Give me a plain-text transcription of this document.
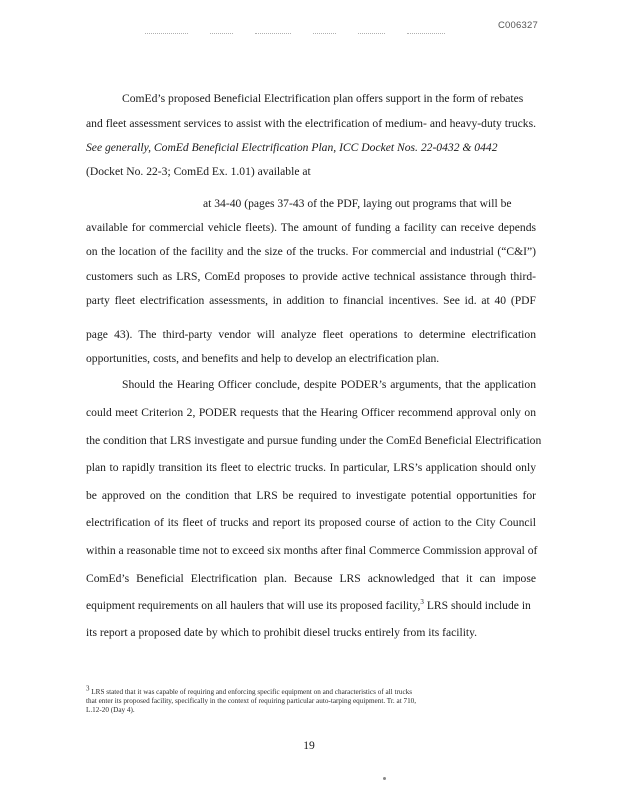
C006327
ComEd’s proposed Beneficial Electrification plan offers support in the form of rebates
and fleet assessment services to assist with the electrification of medium- and heavy-duty trucks.
See generally, ComEd Beneficial Electrification Plan, ICC Docket Nos. 22-0432 & 0442
(Docket No. 22-3; ComEd Ex. 1.01) available at
at 34-40 (pages 37-43 of the PDF, laying out programs that will be
available for commercial vehicle fleets). The amount of funding a facility can receive depends
on the location of the facility and the size of the trucks. For commercial and industrial (“C&I”)
customers such as LRS, ComEd proposes to provide active technical assistance through third-
party fleet electrification assessments, in addition to financial incentives. See id. at 40 (PDF
page 43). The third-party vendor will analyze fleet operations to determine electrification
opportunities, costs, and benefits and help to develop an electrification plan.
Should the Hearing Officer conclude, despite PODER’s arguments, that the application
could meet Criterion 2, PODER requests that the Hearing Officer recommend approval only on
the condition that LRS investigate and pursue funding under the ComEd Beneficial Electrification
plan to rapidly transition its fleet to electric trucks. In particular, LRS’s application should only
be approved on the condition that LRS be required to investigate potential opportunities for
electrification of its fleet of trucks and report its proposed course of action to the City Council
within a reasonable time not to exceed six months after final Commerce Commission approval of
ComEd’s Beneficial Electrification plan. Because LRS acknowledged that it can impose
equipment requirements on all haulers that will use its proposed facility,$^3$ LRS should include in
its report a proposed date by which to prohibit diesel trucks entirely from its facility.
$^3$ LRS stated that it was capable of requiring and enforcing specific equipment on and characteristics of all trucks
that enter its proposed facility, specifically in the context of requiring particular auto-tarping equipment. Tr. at 710,
L.12-20 (Day 4).
19
